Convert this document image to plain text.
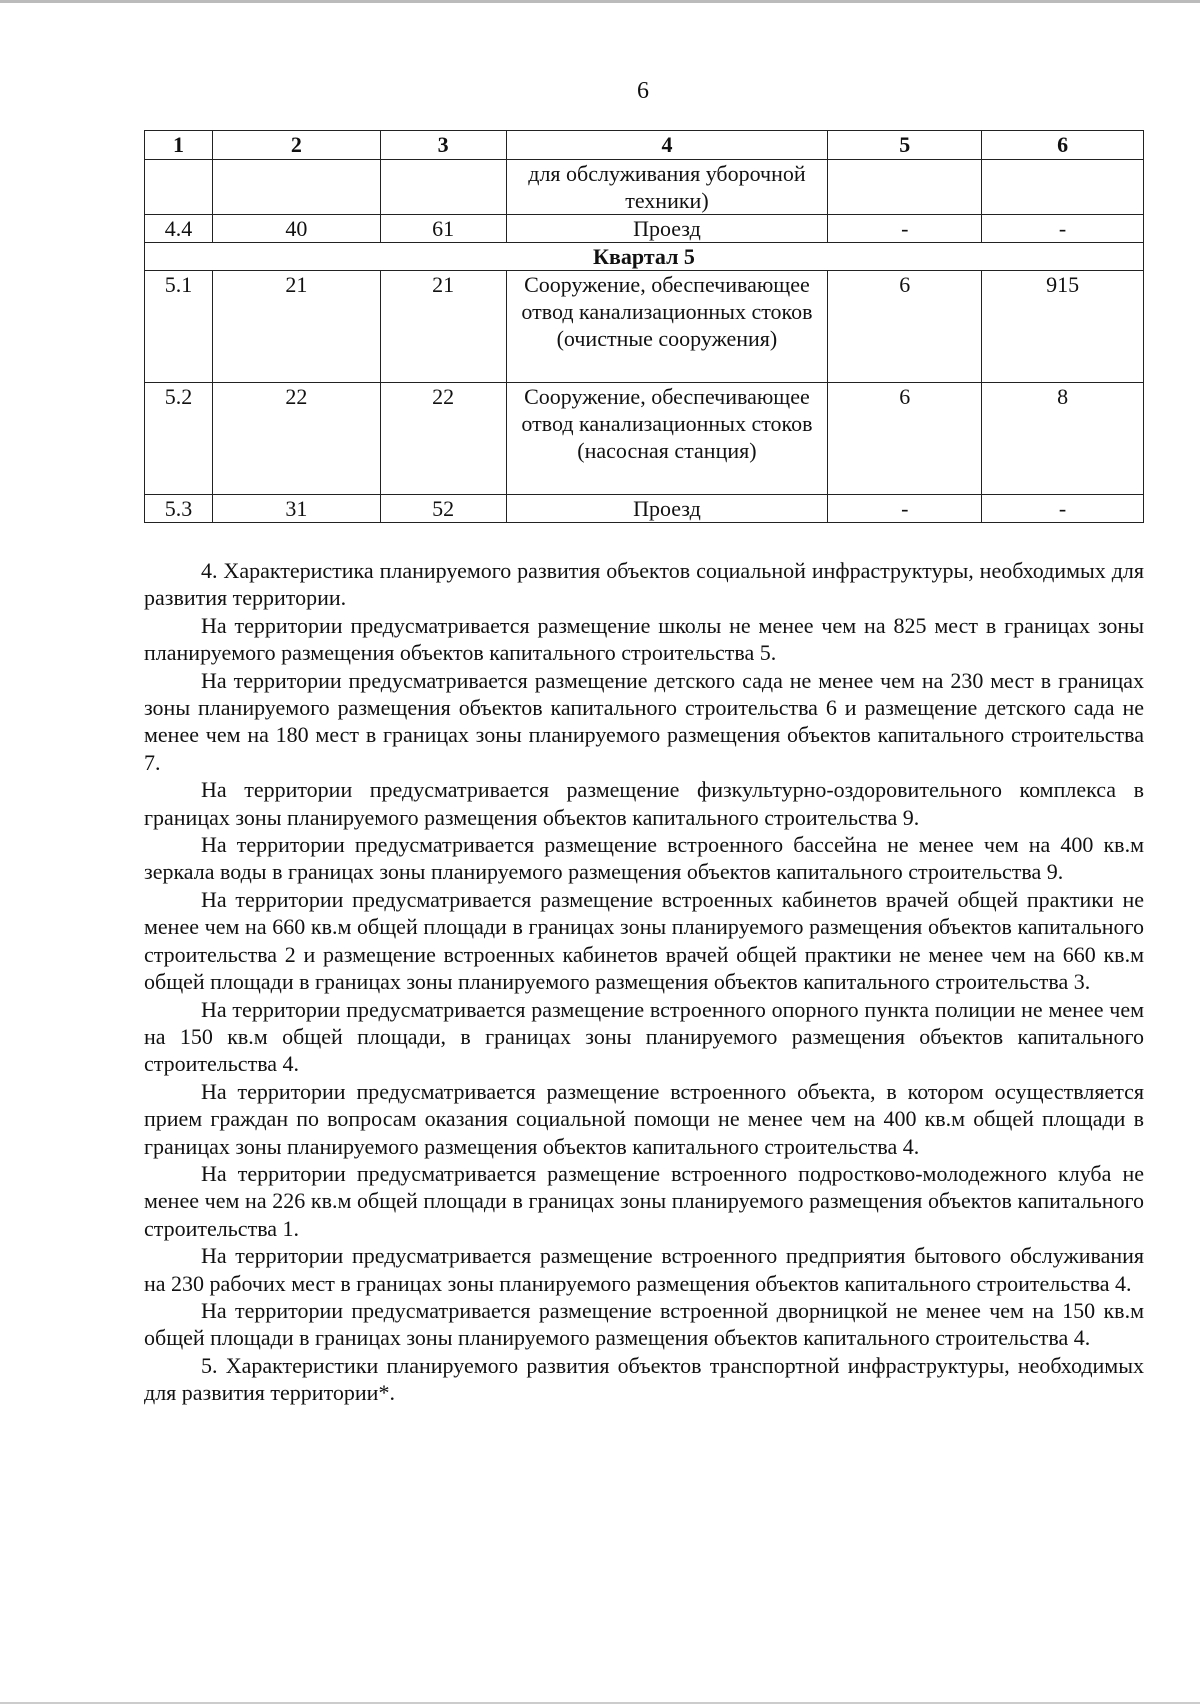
6
1	2	3	4	5	6
			для обслуживания уборочной техники)		
4.4	40	61	Проезд	-	-
Квартал 5					
5.1	21	21	Сооружение, обеспечивающее отвод канализационных стоков (очистные сооружения)	6	915
5.2	22	22	Сооружение, обеспечивающее отвод канализационных стоков (насосная станция)	6	8
5.3	31	52	Проезд	-	-

4. Характеристика планируемого развития объектов социальной инфраструктуры, необходимых для развития территории.

На территории предусматривается размещение школы не менее чем на 825 мест в границах зоны планируемого размещения объектов капитального строительства 5.

На территории предусматривается размещение детского сада не менее чем на 230 мест в границах зоны планируемого размещения объектов капитального строительства 6 и размещение детского сада не менее чем на 180 мест в границах зоны планируемого размещения объектов капитального строительства 7.

На территории предусматривается размещение физкультурно-оздоровительного комплекса в границах зоны планируемого размещения объектов капитального строительства 9.

На территории предусматривается размещение встроенного бассейна не менее чем на 400 кв.м зеркала воды в границах зоны планируемого размещения объектов капитального строительства 9.

На территории предусматривается размещение встроенных кабинетов врачей общей практики не менее чем на 660 кв.м общей площади в границах зоны планируемого размещения объектов капитального строительства 2 и размещение встроенных кабинетов врачей общей практики не менее чем на 660 кв.м общей площади в границах зоны планируемого размещения объектов капитального строительства 3.

На территории предусматривается размещение встроенного опорного пункта полиции не менее чем на 150 кв.м общей площади, в границах зоны планируемого размещения объектов капитального строительства 4.

На территории предусматривается размещение встроенного объекта, в котором осуществляется прием граждан по вопросам оказания социальной помощи не менее чем на 400 кв.м общей площади в границах зоны планируемого размещения объектов капитального строительства 4.

На территории предусматривается размещение встроенного подростково-молодежного клуба не менее чем на 226 кв.м общей площади в границах зоны планируемого размещения объектов капитального строительства 1.

На территории предусматривается размещение встроенного предприятия бытового обслуживания на 230 рабочих мест в границах зоны планируемого размещения объектов капитального строительства 4.

На территории предусматривается размещение встроенной дворницкой не менее чем на 150 кв.м общей площади в границах зоны планируемого размещения объектов капитального строительства 4.

5. Характеристики планируемого развития объектов транспортной инфраструктуры, необходимых для развития территории*.
